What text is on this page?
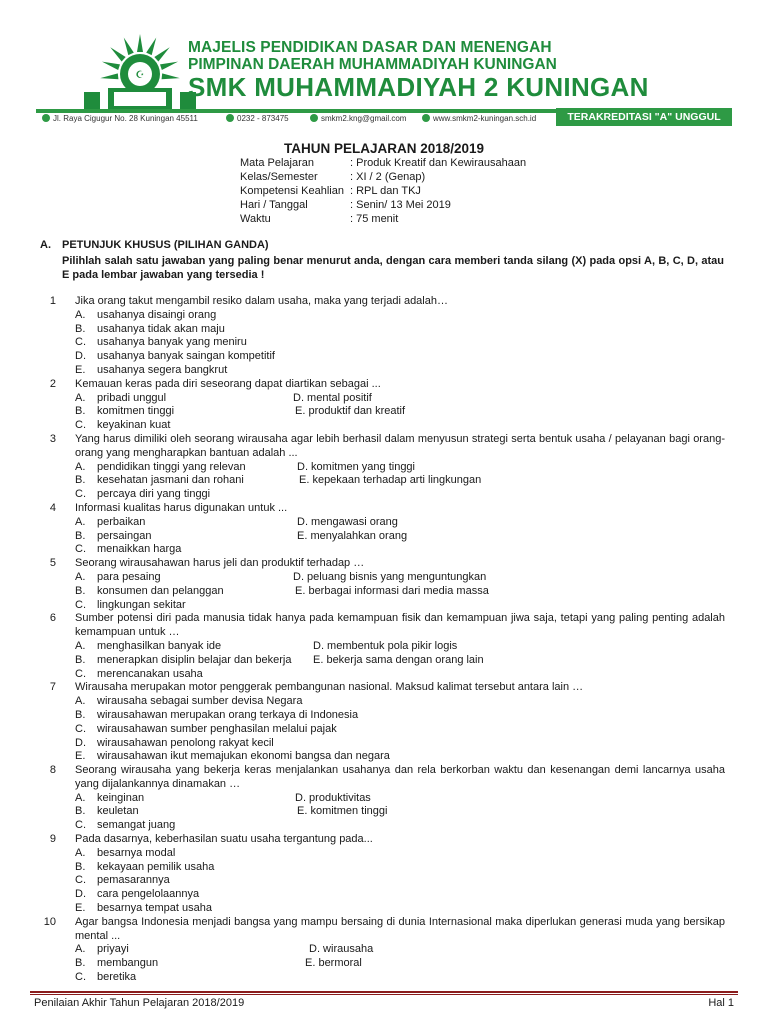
☪
MAJELIS PENDIDIKAN DASAR DAN MENENGAH
PIMPINAN DAERAH MUHAMMADIYAH KUNINGAN
SMK MUHAMMADIYAH 2 KUNINGAN
TERAKREDITASI "A" UNGGUL
Jl. Raya Cigugur No. 28 Kuningan 45511	0232 - 873475	smkm2.kng@gmail.com	www.smkm2-kuningan.sch.id
TAHUN PELAJARAN 2018/2019
Mata Pelajaran	: Produk Kreatif dan Kewirausahaan
Kelas/Semester	: XI / 2 (Genap)
Kompetensi Keahlian : RPL dan TKJ
Hari / Tanggal	: Senin/ 13 Mei 2019
Waktu	: 75 menit
A. PETUNJUK KHUSUS (PILIHAN GANDA)
Pilihlah salah satu jawaban yang paling benar menurut anda, dengan cara memberi tanda silang (X) pada opsi A, B, C, D, atau E pada lembar jawaban yang tersedia !
1 Jika orang takut mengambil resiko dalam usaha, maka yang terjadi adalah…
A. usahanya disaingi orang
B. usahanya tidak akan maju
C. usahanya banyak yang meniru
D. usahanya banyak saingan kompetitif
E. usahanya segera bangkrut
2 Kemauan keras pada diri seseorang dapat diartikan sebagai ...
A. pribadi unggul	D. mental positif
B. komitmen tinggi	E. produktif dan kreatif
C. keyakinan kuat
3 Yang harus dimiliki oleh seorang wirausaha agar lebih berhasil dalam menyusun strategi serta bentuk usaha / pelayanan bagi orang-orang yang mengharapkan bantuan adalah ...
A. pendidikan tinggi yang relevan	D. komitmen yang tinggi
B. kesehatan jasmani dan rohani	E. kepekaan terhadap arti lingkungan
C. percaya diri yang tinggi
4 Informasi kualitas harus digunakan untuk ...
A. perbaikan	D. mengawasi orang
B. persaingan	E. menyalahkan orang
C. menaikkan harga
5 Seorang wirausahawan harus jeli dan produktif terhadap …
A. para pesaing	D. peluang bisnis yang menguntungkan
B. konsumen dan pelanggan	E. berbagai informasi dari media massa
C. lingkungan sekitar
6 Sumber potensi diri pada manusia tidak hanya pada kemampuan fisik dan kemampuan jiwa saja, tetapi yang paling penting adalah kemampuan untuk …
A. menghasilkan banyak ide	D. membentuk pola pikir logis
B. menerapkan disiplin belajar dan bekerja E. bekerja sama dengan orang lain
C. merencanakan usaha
7 Wirausaha merupakan motor penggerak pembangunan nasional. Maksud kalimat tersebut antara lain …
A. wirausaha sebagai sumber devisa Negara
B. wirausahawan merupakan orang terkaya di Indonesia
C. wirausahawan sumber penghasilan melalui pajak
D. wirausahawan penolong rakyat kecil
E. wirausahawan ikut memajukan ekonomi bangsa dan negara
8 Seorang wirausaha yang bekerja keras menjalankan usahanya dan rela berkorban waktu dan kesenangan demi lancarnya usaha yang dijalankannya dinamakan …
A. keinginan	D. produktivitas
B. keuletan	E. komitmen tinggi
C. semangat juang
9 Pada dasarnya, keberhasilan suatu usaha tergantung pada...
A. besarnya modal
B. kekayaan pemilik usaha
C. pemasarannya
D. cara pengelolaannya
E. besarnya tempat usaha
10 Agar bangsa Indonesia menjadi bangsa yang mampu bersaing di dunia Internasional maka diperlukan generasi muda yang bersikap mental ...
A. priyayi	D. wirausaha
B. membangun	E. bermoral
C. beretika
Penilaian Akhir Tahun Pelajaran 2018/2019	Hal 1
